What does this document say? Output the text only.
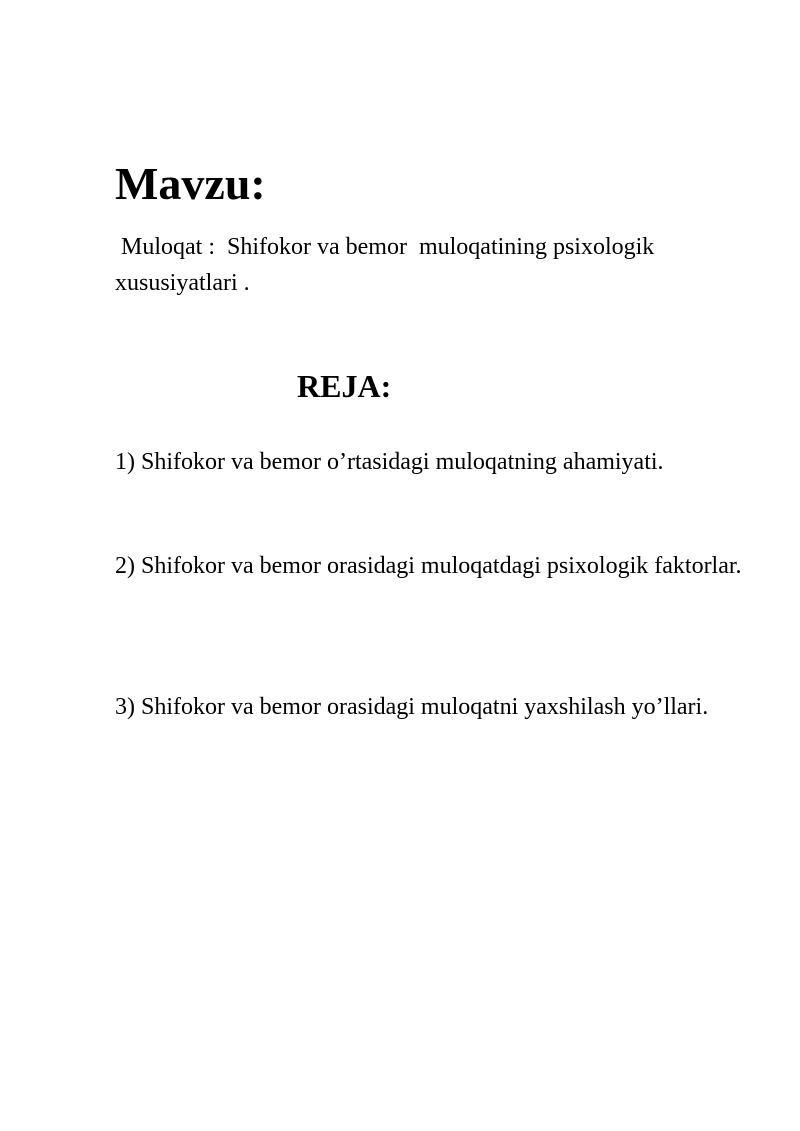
Mavzu:

Muloqat :  Shifokor va bemor  muloqatining psixologik xususiyatlari .

REJA:

1) Shifokor va bemor o’rtasidagi muloqatning ahamiyati.

2) Shifokor va bemor orasidagi muloqatdagi psixologik faktorlar.

3) Shifokor va bemor orasidagi muloqatni yaxshilash yo’llari.
